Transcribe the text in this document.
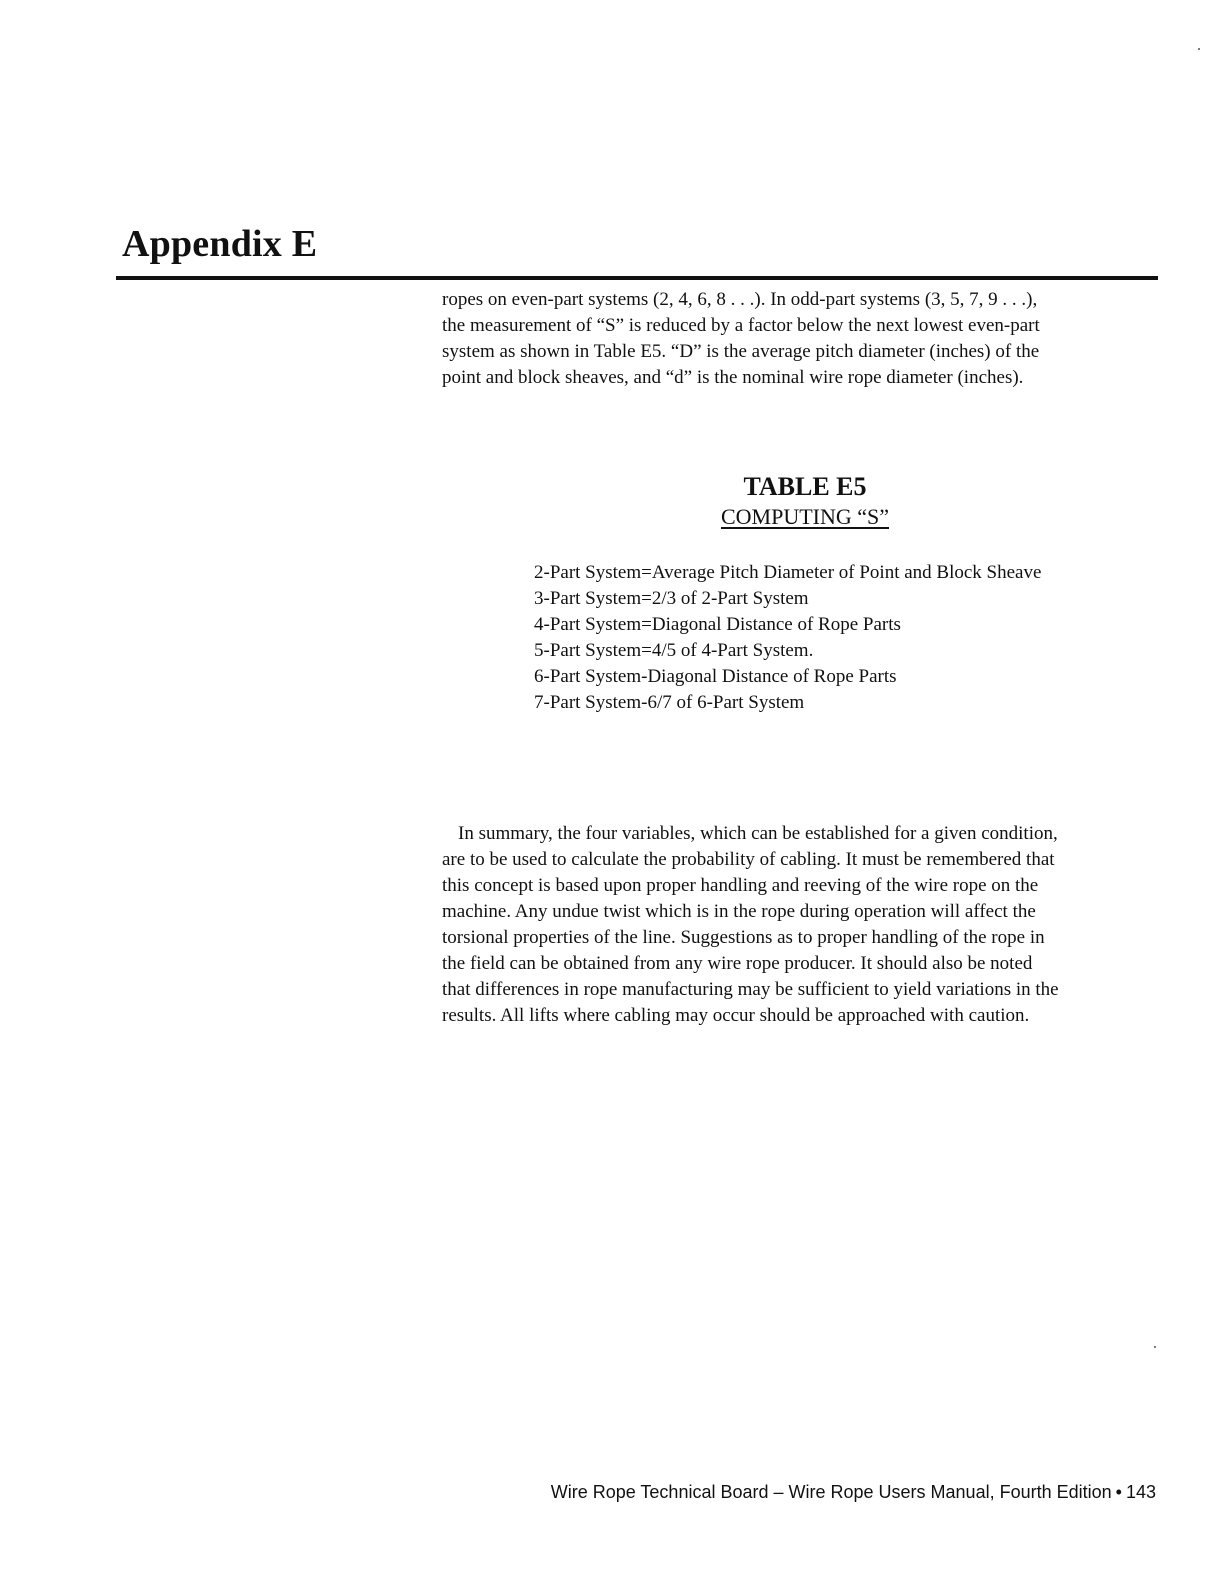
Appendix E
ropes on even-part systems (2, 4, 6, 8 . . .). In odd-part systems (3, 5, 7, 9 . . .),
the measurement of “S” is reduced by a factor below the next lowest even-part
system as shown in Table E5. “D” is the average pitch diameter (inches) of the
point and block sheaves, and “d” is the nominal wire rope diameter (inches).
TABLE E5
COMPUTING “S”
2-Part System=Average Pitch Diameter of Point and Block Sheave
3-Part System=2/3 of 2-Part System
4-Part System=Diagonal Distance of Rope Parts
5-Part System=4/5 of 4-Part System.
6-Part System-Diagonal Distance of Rope Parts
7-Part System-6/7 of 6-Part System
In summary, the four variables, which can be established for a given condition,
are to be used to calculate the probability of cabling. It must be remembered that
this concept is based upon proper handling and reeving of the wire rope on the
machine. Any undue twist which is in the rope during operation will affect the
torsional properties of the line. Suggestions as to proper handling of the rope in
the field can be obtained from any wire rope producer. It should also be noted
that differences in rope manufacturing may be sufficient to yield variations in the
results. All lifts where cabling may occur should be approached with caution.
Wire Rope Technical Board – Wire Rope Users Manual, Fourth Edition • 143
